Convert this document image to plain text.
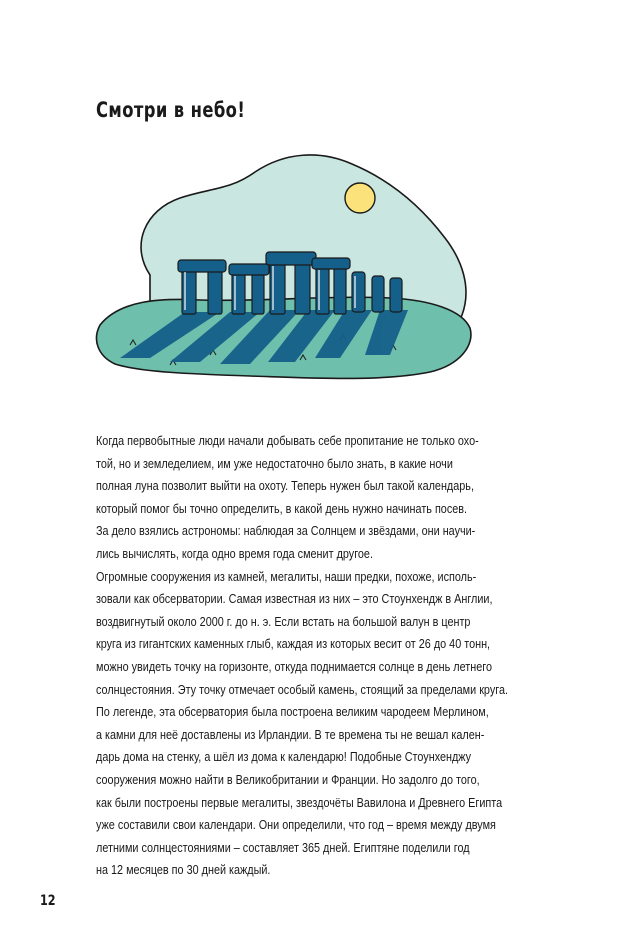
Смотри в небо!
Когда первобытные люди начали добывать себе пропитание не только охо-
той, но и земледелием, им уже недостаточно было знать, в какие ночи
полная луна позволит выйти на охоту. Теперь нужен был такой календарь,
который помог бы точно определить, в какой день нужно начинать посев.
За дело взялись астрономы: наблюдая за Солнцем и звёздами, они научи-
лись вычислять, когда одно время года сменит другое.
Огромные сооружения из камней, мегалиты, наши предки, похоже, исполь-
зовали как обсерватории. Самая известная из них – это Стоунхендж в Англии,
воздвигнутый около 2000 г. до н. э. Если встать на большой валун в центр
круга из гигантских каменных глыб, каждая из которых весит от 26 до 40 тонн,
можно увидеть точку на горизонте, откуда поднимается солнце в день летнего
солнцестояния. Эту точку отмечает особый камень, стоящий за пределами круга.
По легенде, эта обсерватория была построена великим чародеем Мерлином,
а камни для неё доставлены из Ирландии. В те времена ты не вешал кален-
дарь дома на стенку, а шёл из дома к календарю! Подобные Стоунхенджу
сооружения можно найти в Великобритании и Франции. Но задолго до того,
как были построены первые мегалиты, звездочёты Вавилона и Древнего Египта
уже составили свои календари. Они определили, что год – время между двумя
летними солнцестояниями – составляет 365 дней. Египтяне поделили год
на 12 месяцев по 30 дней каждый.
12
